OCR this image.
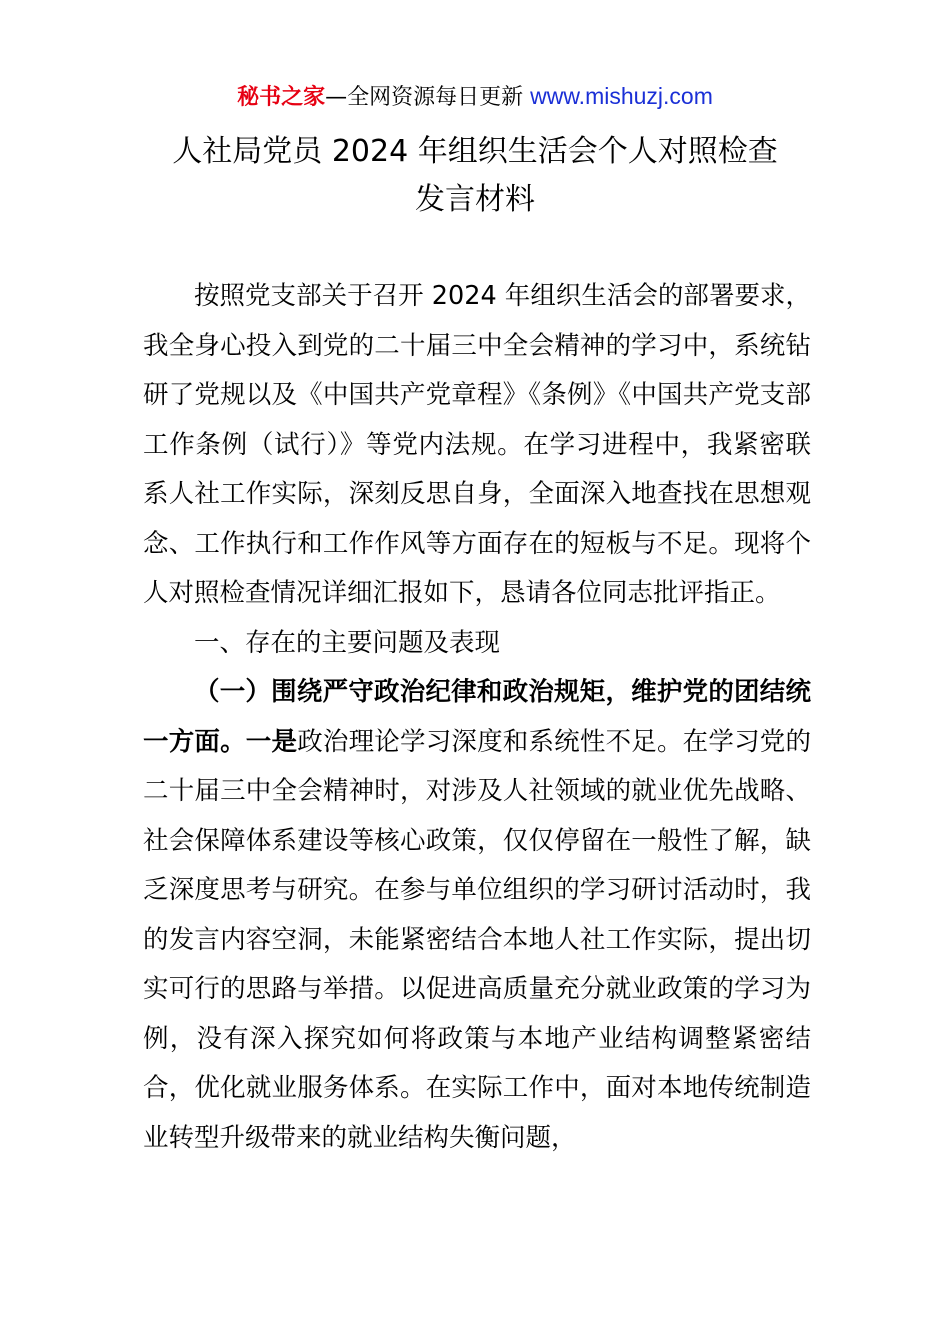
秘书之家—全网资源每日更新 www.mishuzj.com
人社局党员 2024 年组织生活会个人对照检查
发言材料

按照党支部关于召开 2024 年组织生活会的部署要求，我全身心投入到党的二十届三中全会精神的学习中，系统钻研了党规以及《中国共产党章程》《条例》《中国共产党支部工作条例（试行）》等党内法规。在学习进程中，我紧密联系人社工作实际，深刻反思自身，全面深入地查找在思想观念、工作执行和工作作风等方面存在的短板与不足。现将个人对照检查情况详细汇报如下，恳请各位同志批评指正。

一、存在的主要问题及表现

（一）围绕严守政治纪律和政治规矩，维护党的团结统一方面。一是政治理论学习深度和系统性不足。在学习党的二十届三中全会精神时，对涉及人社领域的就业优先战略、社会保障体系建设等核心政策，仅仅停留在一般性了解，缺乏深度思考与研究。在参与单位组织的学习研讨活动时，我的发言内容空洞，未能紧密结合本地人社工作实际，提出切实可行的思路与举措。以促进高质量充分就业政策的学习为例，没有深入探究如何将政策与本地产业结构调整紧密结合，优化就业服务体系。在实际工作中，面对本地传统制造业转型升级带来的就业结构失衡问题，
